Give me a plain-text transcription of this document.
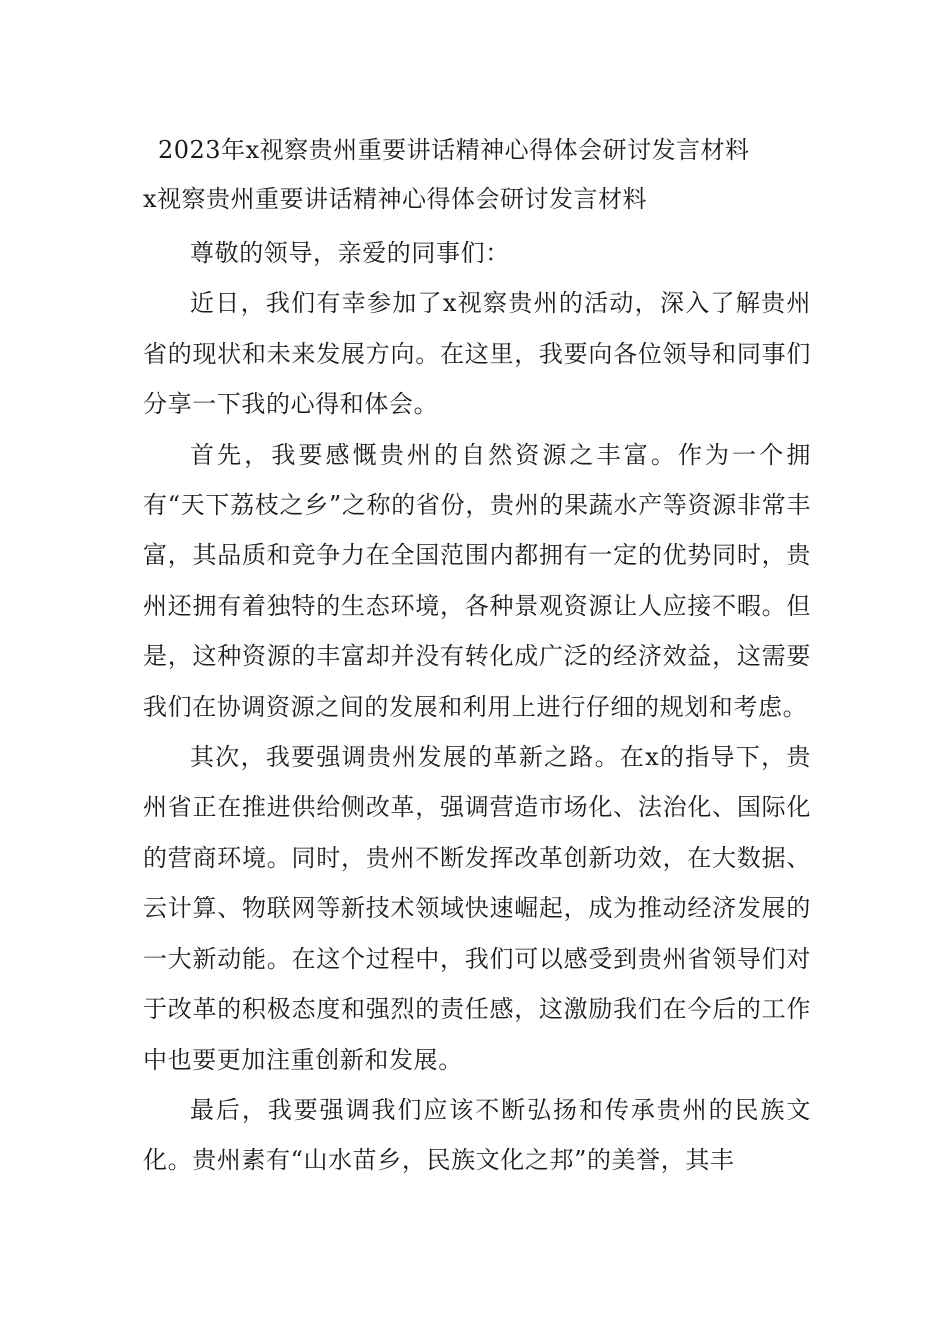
2023年x视察贵州重要讲话精神心得体会研讨发言材料
x视察贵州重要讲话精神心得体会研讨发言材料

尊敬的领导，亲爱的同事们：

近日，我们有幸参加了x视察贵州的活动，深入了解贵州省的现状和未来发展方向。在这里，我要向各位领导和同事们分享一下我的心得和体会。

首先，我要感慨贵州的自然资源之丰富。作为一个拥有“天下荔枝之乡”之称的省份，贵州的果蔬水产等资源非常丰富，其品质和竞争力在全国范围内都拥有一定的优势同时，贵州还拥有着独特的生态环境，各种景观资源让人应接不暇。但是，这种资源的丰富却并没有转化成广泛的经济效益，这需要我们在协调资源之间的发展和利用上进行仔细的规划和考虑。

其次，我要强调贵州发展的革新之路。在x的指导下，贵州省正在推进供给侧改革，强调营造市场化、法治化、国际化的营商环境。同时，贵州不断发挥改革创新功效，在大数据、云计算、物联网等新技术领域快速崛起，成为推动经济发展的一大新动能。在这个过程中，我们可以感受到贵州省领导们对于改革的积极态度和强烈的责任感，这激励我们在今后的工作中也要更加注重创新和发展。

最后，我要强调我们应该不断弘扬和传承贵州的民族文化。贵州素有“山水苗乡，民族文化之邦”的美誉，其丰
